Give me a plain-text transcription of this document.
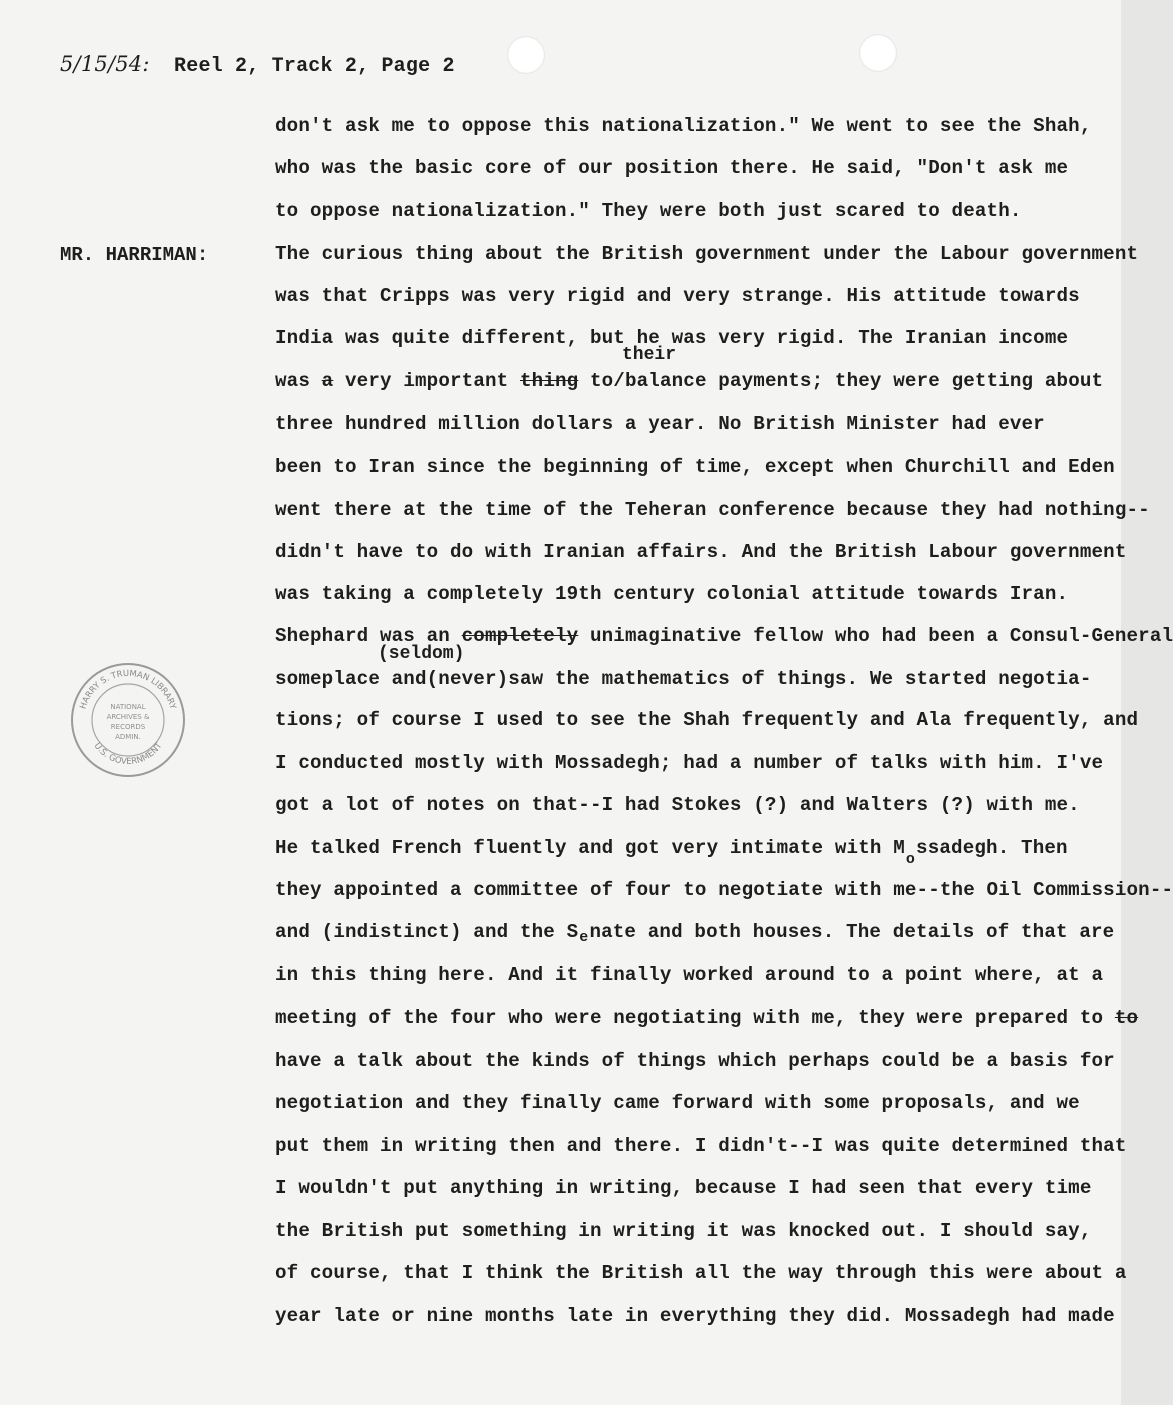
5/15/54: Reel 2, Track 2, Page 2
MR. HARRIMAN:
don't ask me to oppose this nationalization." We went to see the Shah,
who was the basic core of our position there. He said, "Don't ask me
to oppose nationalization." They were both just scared to death.
The curious thing about the British government under the Labour government
was that Cripps was very rigid and very strange. His attitude towards
India was quite different, but he was very rigid. The Iranian income
their
was a very important thing to/balance payments; they were getting about
three hundred million dollars a year. No British Minister had ever
been to Iran since the beginning of time, except when Churchill and Eden
went there at the time of the Teheran conference because they had nothing--
didn't have to do with Iranian affairs. And the British Labour government
was taking a completely 19th century colonial attitude towards Iran.
Shephard was an completely unimaginative fellow who had been a Consul-General
(seldom)
someplace and(never)saw the mathematics of things. We started negotia-
tions; of course I used to see the Shah frequently and Ala frequently, and
I conducted mostly with Mossadegh; had a number of talks with him. I've
got a lot of notes on that--I had Stokes (?) and Walters (?) with me.
He talked French fluently and got very intimate with Mossadegh. Then
they appointed a committee of four to negotiate with me--the Oil Commission--
and (indistinct) and the Senate and both houses. The details of that are
in this thing here. And it finally worked around to a point where, at a
meeting of the four who were negotiating with me, they were prepared to to
have a talk about the kinds of things which perhaps could be a basis for
negotiation and they finally came forward with some proposals, and we
put them in writing then and there. I didn't--I was quite determined that
I wouldn't put anything in writing, because I had seen that every time
the British put something in writing it was knocked out. I should say,
of course, that I think the British all the way through this were about a
year late or nine months late in everything they did. Mossadegh had made
HARRY S. TRUMAN LIBRARY
U.S. GOVERNMENT
NATIONAL
ARCHIVES &
RECORDS
ADMIN.
